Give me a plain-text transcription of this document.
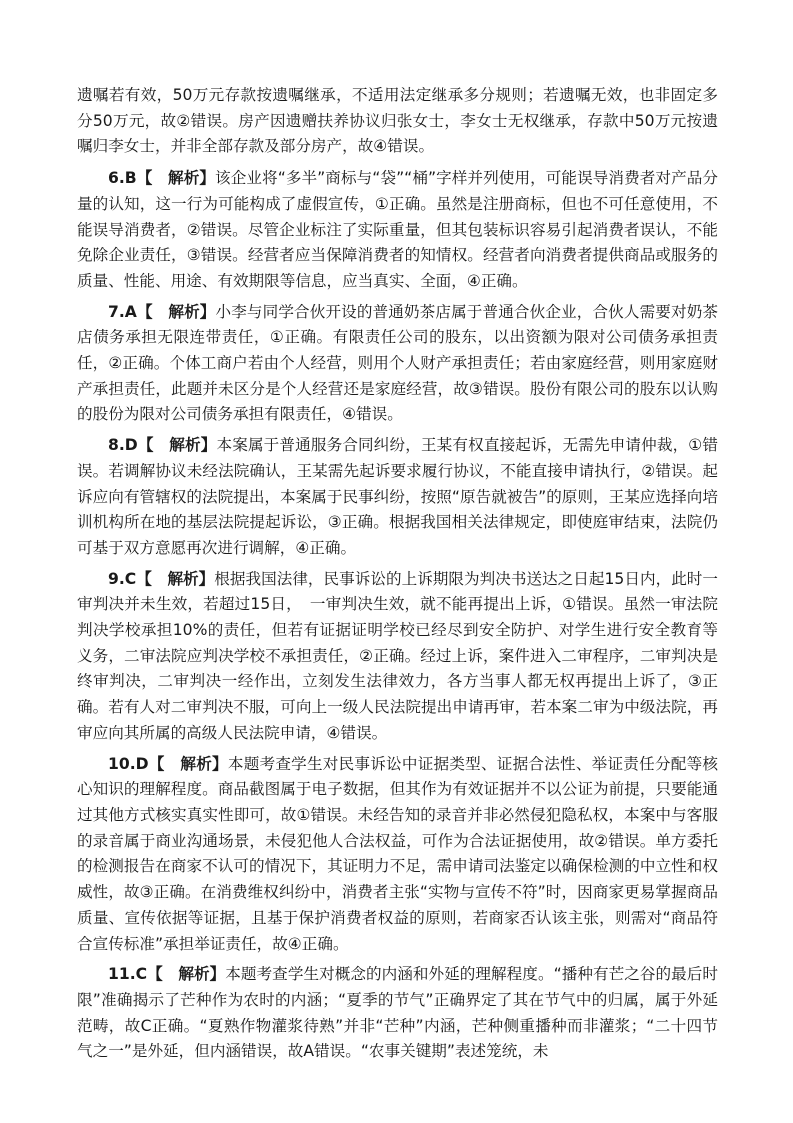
遗嘱若有效，50万元存款按遗嘱继承，不适用法定继承多分规则；若遗嘱无效，也非固定多分50万元，故②错误。房产因遗赠扶养协议归张女士，李女士无权继承，存款中50万元按遗嘱归李女士，并非全部存款及部分房产，故④错误。

6.B【　解析】该企业将“多半”商标与“袋”“桶”字样并列使用，可能误导消费者对产品分量的认知，这一行为可能构成了虚假宣传，①正确。虽然是注册商标，但也不可任意使用，不能误导消费者，②错误。尽管企业标注了实际重量，但其包装标识容易引起消费者误认，不能免除企业责任，③错误。经营者应当保障消费者的知情权。经营者向消费者提供商品或服务的质量、性能、用途、有效期限等信息，应当真实、全面，④正确。

7.A【　解析】小李与同学合伙开设的普通奶茶店属于普通合伙企业，合伙人需要对奶茶店债务承担无限连带责任，①正确。有限责任公司的股东，以出资额为限对公司债务承担责任，②正确。个体工商户若由个人经营，则用个人财产承担责任；若由家庭经营，则用家庭财产承担责任，此题并未区分是个人经营还是家庭经营，故③错误。股份有限公司的股东以认购的股份为限对公司债务承担有限责任，④错误。

8.D【　解析】本案属于普通服务合同纠纷，王某有权直接起诉，无需先申请仲裁，①错误。若调解协议未经法院确认，王某需先起诉要求履行协议，不能直接申请执行，②错误。起诉应向有管辖权的法院提出，本案属于民事纠纷，按照“原告就被告”的原则，王某应选择向培训机构所在地的基层法院提起诉讼，③正确。根据我国相关法律规定，即使庭审结束，法院仍可基于双方意愿再次进行调解，④正确。

9.C【　解析】根据我国法律，民事诉讼的上诉期限为判决书送达之日起15日内，此时一审判决并未生效，若超过15日，　一审判决生效，就不能再提出上诉，①错误。虽然一审法院判决学校承担10%的责任，但若有证据证明学校已经尽到安全防护、对学生进行安全教育等义务，二审法院应判决学校不承担责任，②正确。经过上诉，案件进入二审程序，二审判决是终审判决，二审判决一经作出，立刻发生法律效力，各方当事人都无权再提出上诉了，③正确。若有人对二审判决不服，可向上一级人民法院提出申请再审，若本案二审为中级法院，再审应向其所属的高级人民法院申请，④错误。

10.D【　解析】本题考查学生对民事诉讼中证据类型、证据合法性、举证责任分配等核心知识的理解程度。商品截图属于电子数据，但其作为有效证据并不以公证为前提，只要能通过其他方式核实真实性即可，故①错误。未经告知的录音并非必然侵犯隐私权，本案中与客服的录音属于商业沟通场景，未侵犯他人合法权益，可作为合法证据使用，故②错误。单方委托的检测报告在商家不认可的情况下，其证明力不足，需申请司法鉴定以确保检测的中立性和权威性，故③正确。在消费维权纠纷中，消费者主张“实物与宣传不符”时，因商家更易掌握商品质量、宣传依据等证据，且基于保护消费者权益的原则，若商家否认该主张，则需对“商品符合宣传标准”承担举证责任，故④正确。

11.C【　解析】本题考查学生对概念的内涵和外延的理解程度。“播种有芒之谷的最后时限”准确揭示了芒种作为农时的内涵；“夏季的节气”正确界定了其在节气中的归属，属于外延范畴，故C正确。“夏熟作物灌浆待熟”并非“芒种”内涵，芒种侧重播种而非灌浆；“二十四节气之一”是外延，但内涵错误，故A错误。“农事关键期”表述笼统，未
